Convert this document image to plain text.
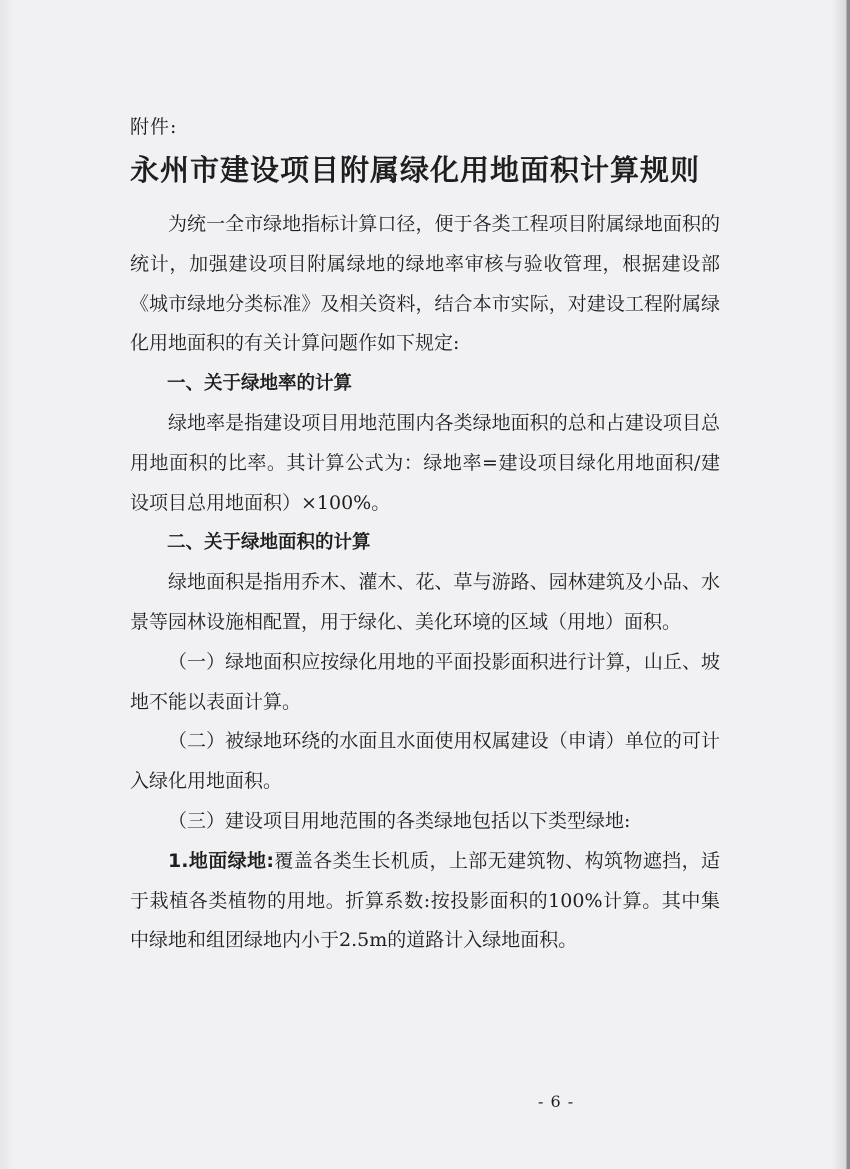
附件:
永州市建设项目附属绿化用地面积计算规则

为统一全市绿地指标计算口径，便于各类工程项目附属绿地面积的统计，加强建设项目附属绿地的绿地率审核与验收管理，根据建设部《城市绿地分类标准》及相关资料，结合本市实际，对建设工程附属绿化用地面积的有关计算问题作如下规定:

一、关于绿地率的计算

绿地率是指建设项目用地范围内各类绿地面积的总和占建设项目总用地面积的比率。其计算公式为：绿地率=建设项目绿化用地面积/建设项目总用地面积）×100%。

二、关于绿地面积的计算

绿地面积是指用乔木、灌木、花、草与游路、园林建筑及小品、水景等园林设施相配置，用于绿化、美化环境的区域（用地）面积。

（一）绿地面积应按绿化用地的平面投影面积进行计算，山丘、坡地不能以表面计算。

（二）被绿地环绕的水面且水面使用权属建设（申请）单位的可计入绿化用地面积。

（三）建设项目用地范围的各类绿地包括以下类型绿地:

1.地面绿地:覆盖各类生长机质，上部无建筑物、构筑物遮挡，适于栽植各类植物的用地。折算系数:按投影面积的100%计算。其中集中绿地和组团绿地内小于2.5m的道路计入绿地面积。

- 6 -
